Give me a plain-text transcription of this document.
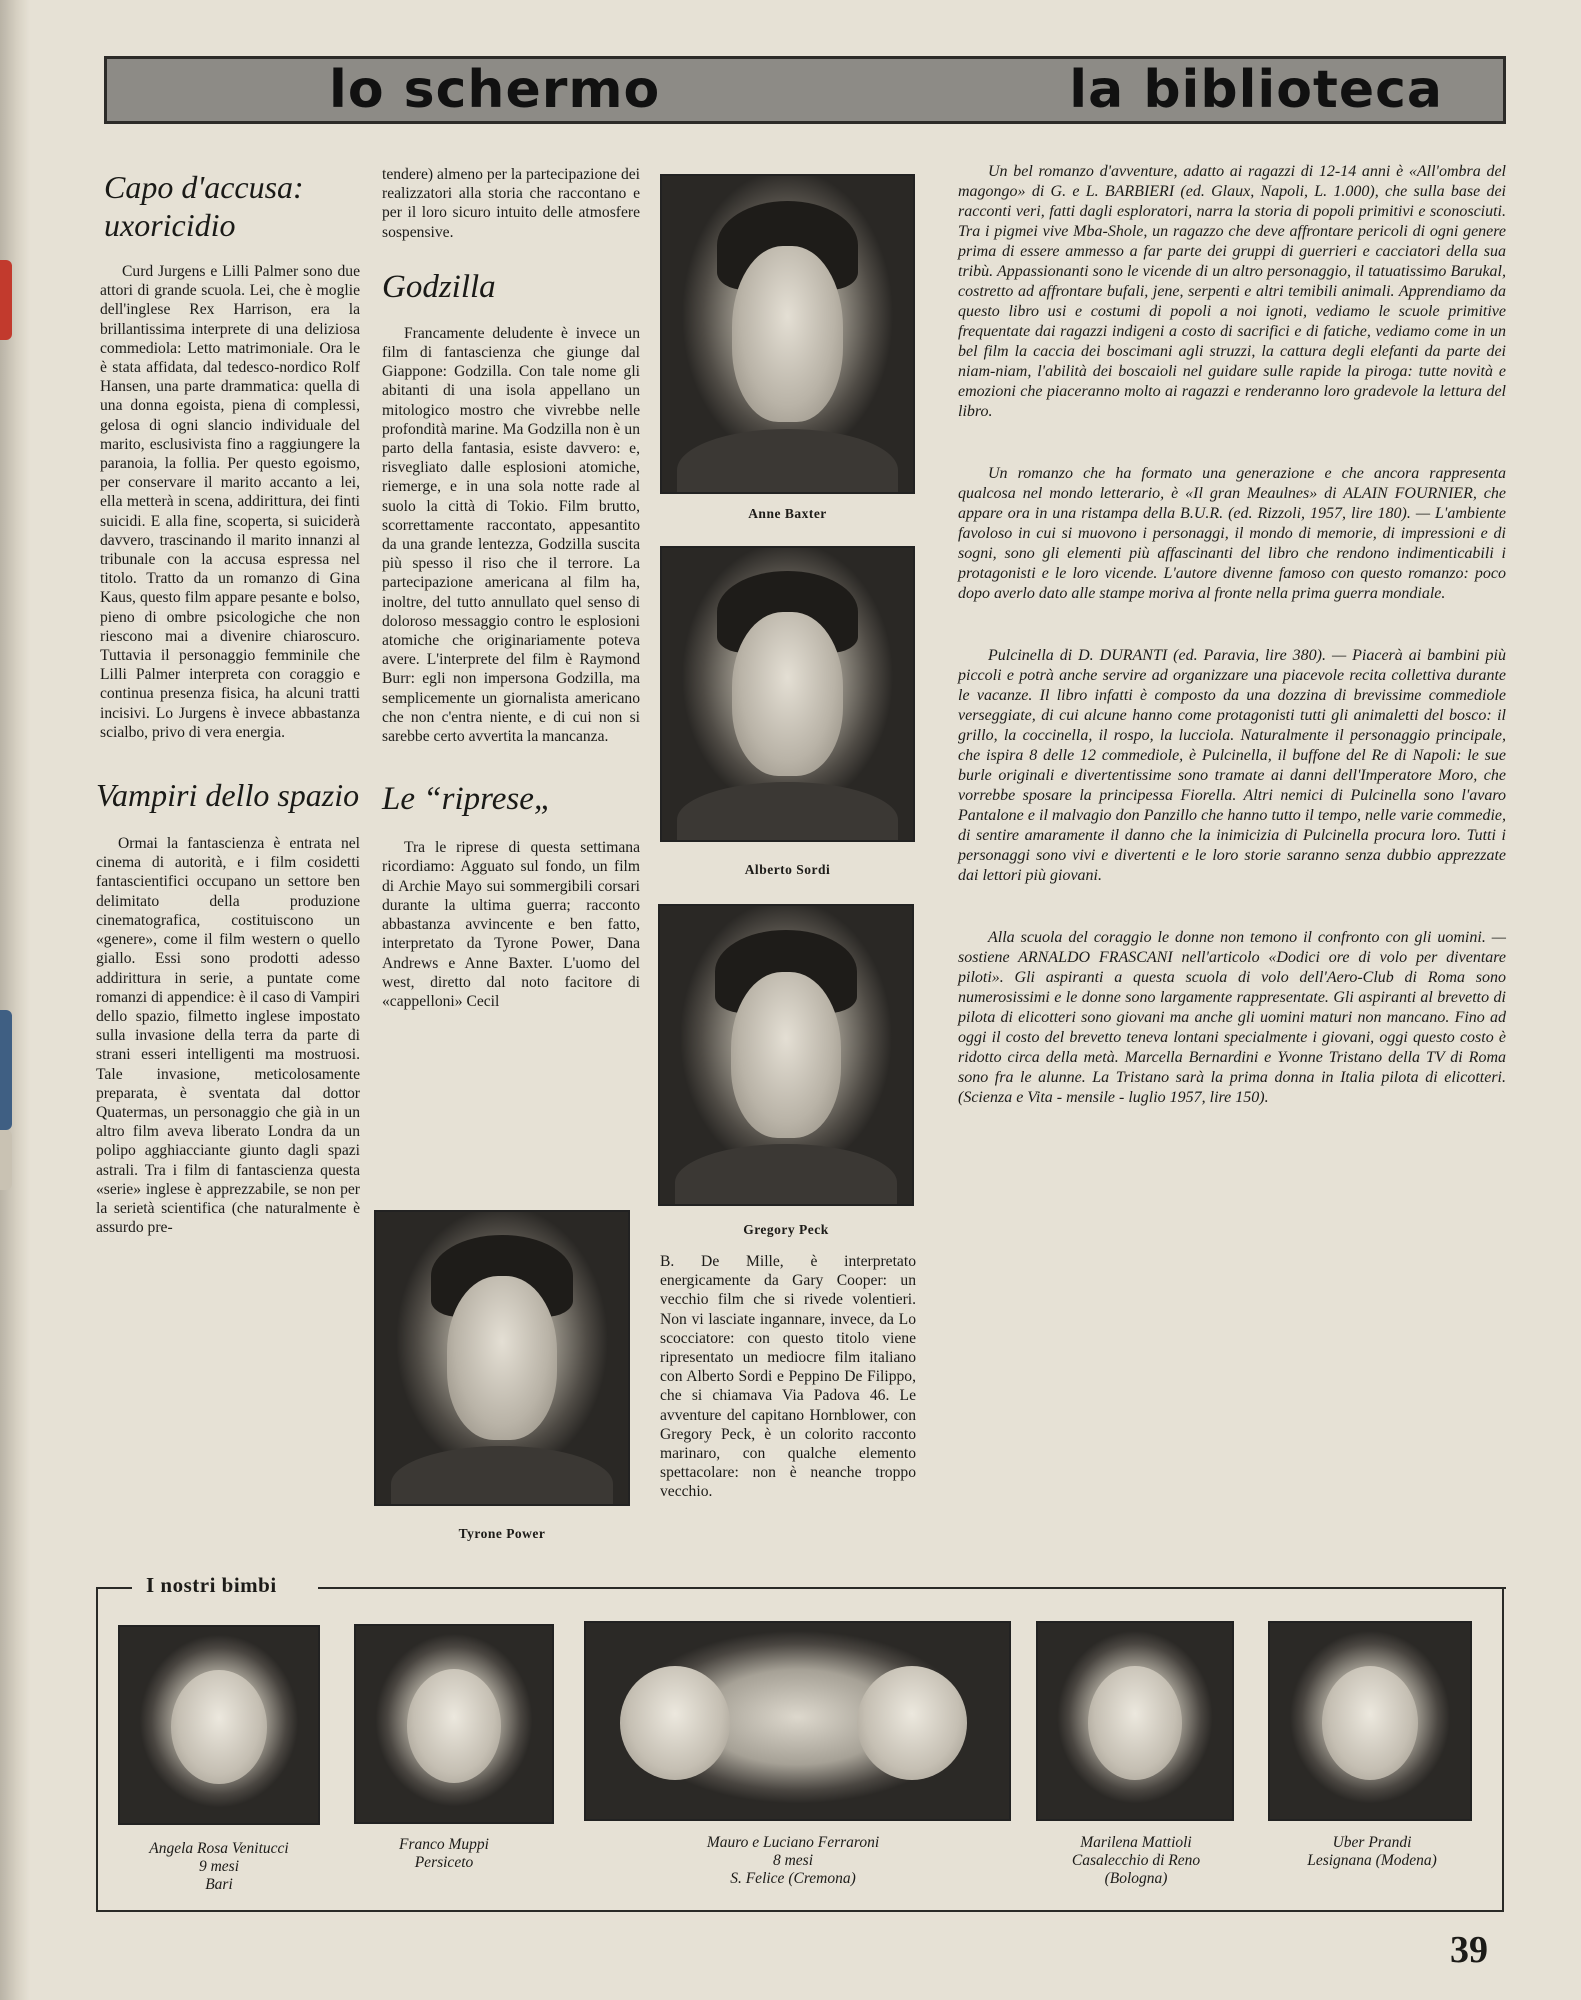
lo schermo	la biblioteca
Capo d'accusa: uxoricidio

Curd Jurgens e Lilli Palmer sono due attori di grande scuola. Lei, che è moglie dell'inglese Rex Harrison, era la brillantissima interprete di una deliziosa commediola: Letto matrimoniale. Ora le è stata affidata, dal tedesco-nordico Rolf Hansen, una parte drammatica: quella di una donna egoista, piena di complessi, gelosa di ogni slancio individuale del marito, esclusivista fino a raggiungere la paranoia, la follia. Per questo egoismo, per conservare il marito accanto a lei, ella metterà in scena, addirittura, dei finti suicidi. E alla fine, scoperta, si suiciderà davvero, trascinando il marito innanzi al tribunale con la accusa espressa nel titolo. Tratto da un romanzo di Gina Kaus, questo film appare pesante e bolso, pieno di ombre psicologiche che non riescono mai a divenire chiaroscuro. Tuttavia il personaggio femminile che Lilli Palmer interpreta con coraggio e continua presenza fisica, ha alcuni tratti incisivi. Lo Jurgens è invece abbastanza scialbo, privo di vera energia.

Vampiri dello spazio

Ormai la fantascienza è entrata nel cinema di autorità, e i film cosidetti fantascientifici occupano un settore ben delimitato della produzione cinematografica, costituiscono un «genere», come il film western o quello giallo. Essi sono prodotti adesso addirittura in serie, a puntate come romanzi di appendice: è il caso di Vampiri dello spazio, filmetto inglese impostato sulla invasione della terra da parte di strani esseri intelligenti ma mostruosi. Tale invasione, meticolosamente preparata, è sventata dal dottor Quatermas, un personaggio che già in un altro film aveva liberato Londra da un polipo agghiacciante giunto dagli spazi astrali. Tra i film di fantascienza questa «serie» inglese è apprezzabile, se non per la serietà scientifica (che naturalmente è assurdo pre-

tendere) almeno per la partecipazione dei realizzatori alla storia che raccontano e per il loro sicuro intuito delle atmosfere sospensive.

Godzilla

Francamente deludente è invece un film di fantascienza che giunge dal Giappone: Godzilla. Con tale nome gli abitanti di una isola appellano un mitologico mostro che vivrebbe nelle profondità marine. Ma Godzilla non è un parto della fantasia, esiste davvero: e, risvegliato dalle esplosioni atomiche, riemerge, e in una sola notte rade al suolo la città di Tokio. Film brutto, scorrettamente raccontato, appesantito da una grande lentezza, Godzilla suscita più spesso il riso che il terrore. La partecipazione americana al film ha, inoltre, del tutto annullato quel senso di doloroso messaggio contro le esplosioni atomiche che originariamente poteva avere. L'interprete del film è Raymond Burr: egli non impersona Godzilla, ma semplicemente un giornalista americano che non c'entra niente, e di cui non si sarebbe certo avvertita la mancanza.

Le “riprese„

Tra le riprese di questa settimana ricordiamo: Agguato sul fondo, un film di Archie Mayo sui sommergibili corsari durante la ultima guerra; racconto abbastanza avvincente e ben fatto, interpretato da Tyrone Power, Dana Andrews e Anne Baxter. L'uomo del west, diretto dal noto facitore di «cappelloni» Cecil

Tyrone Power
Anne Baxter
Alberto Sordi
Gregory Peck

B. De Mille, è interpretato energicamente da Gary Cooper: un vecchio film che si rivede volentieri. Non vi lasciate ingannare, invece, da Lo scocciatore: con questo titolo viene ripresentato un mediocre film italiano con Alberto Sordi e Peppino De Filippo, che si chiamava Via Padova 46. Le avventure del capitano Hornblower, con Gregory Peck, è un colorito racconto marinaro, con qualche elemento spettacolare: non è neanche troppo vecchio.

Un bel romanzo d'avventure, adatto ai ragazzi di 12-14 anni è «All'ombra del magongo» di G. e L. BARBIERI (ed. Glaux, Napoli, L. 1.000), che sulla base dei racconti veri, fatti dagli esploratori, narra la storia di popoli primitivi e sconosciuti. Tra i pigmei vive Mba-Shole, un ragazzo che deve affrontare pericoli di ogni genere prima di essere ammesso a far parte dei gruppi di guerrieri e cacciatori della sua tribù. Appassionanti sono le vicende di un altro personaggio, il tatuatissimo Barukal, costretto ad affrontare bufali, jene, serpenti e altri temibili animali. Apprendiamo da questo libro usi e costumi di popoli a noi ignoti, vediamo le scuole primitive frequentate dai ragazzi indigeni a costo di sacrifici e di fatiche, vediamo come in un bel film la caccia dei boscimani agli struzzi, la cattura degli elefanti da parte dei niam-niam, l'abilità dei boscaioli nel guidare sulle rapide la piroga: tutte novità e emozioni che piaceranno molto ai ragazzi e renderanno loro gradevole la lettura del libro.

Un romanzo che ha formato una generazione e che ancora rappresenta qualcosa nel mondo letterario, è «Il gran Meaulnes» di ALAIN FOURNIER, che appare ora in una ristampa della B.U.R. (ed. Rizzoli, 1957, lire 180). — L'ambiente favoloso in cui si muovono i personaggi, il mondo di memorie, di impressioni e di sogni, sono gli elementi più affascinanti del libro che rendono indimenticabili i protagonisti e le loro vicende. L'autore divenne famoso con questo romanzo: poco dopo averlo dato alle stampe moriva al fronte nella prima guerra mondiale.

Pulcinella di D. DURANTI (ed. Paravia, lire 380). — Piacerà ai bambini più piccoli e potrà anche servire ad organizzare una piacevole recita collettiva durante le vacanze. Il libro infatti è composto da una dozzina di brevissime commediole verseggiate, di cui alcune hanno come protagonisti tutti gli animaletti del bosco: il grillo, la coccinella, il rospo, la lucciola. Naturalmente il personaggio principale, che ispira 8 delle 12 commediole, è Pulcinella, il buffone del Re di Napoli: le sue burle originali e divertentissime sono tramate ai danni dell'Imperatore Moro, che vorrebbe sposare la principessa Fiorella. Altri nemici di Pulcinella sono l'avaro Pantalone e il malvagio don Panzillo che hanno tutto il tempo, nelle varie commedie, di sentire amaramente il danno che la inimicizia di Pulcinella procura loro. Tutti i personaggi sono vivi e divertenti e le loro storie saranno senza dubbio apprezzate dai lettori più giovani.

Alla scuola del coraggio le donne non temono il confronto con gli uomini. — sostiene ARNALDO FRASCANI nell'articolo «Dodici ore di volo per diventare piloti». Gli aspiranti a questa scuola di volo dell'Aero-Club di Roma sono numerosissimi e le donne sono largamente rappresentate. Gli aspiranti al brevetto di pilota di elicotteri sono giovani ma anche gli uomini maturi non mancano. Fino ad oggi il costo del brevetto teneva lontani specialmente i giovani, oggi questo costo è ridotto circa della metà. Marcella Bernardini e Yvonne Tristano della TV di Roma sono fra le alunne. La Tristano sarà la prima donna in Italia pilota di elicotteri. (Scienza e Vita - mensile - luglio 1957, lire 150).

I nostri bimbi
Angela Rosa Venitucci
9 mesi
Bari
Franco Muppi
Persiceto
Mauro e Luciano Ferraroni
8 mesi
S. Felice (Cremona)
Marilena Mattioli
Casalecchio di Reno
(Bologna)
Uber Prandi
Lesignana (Modena)
39
